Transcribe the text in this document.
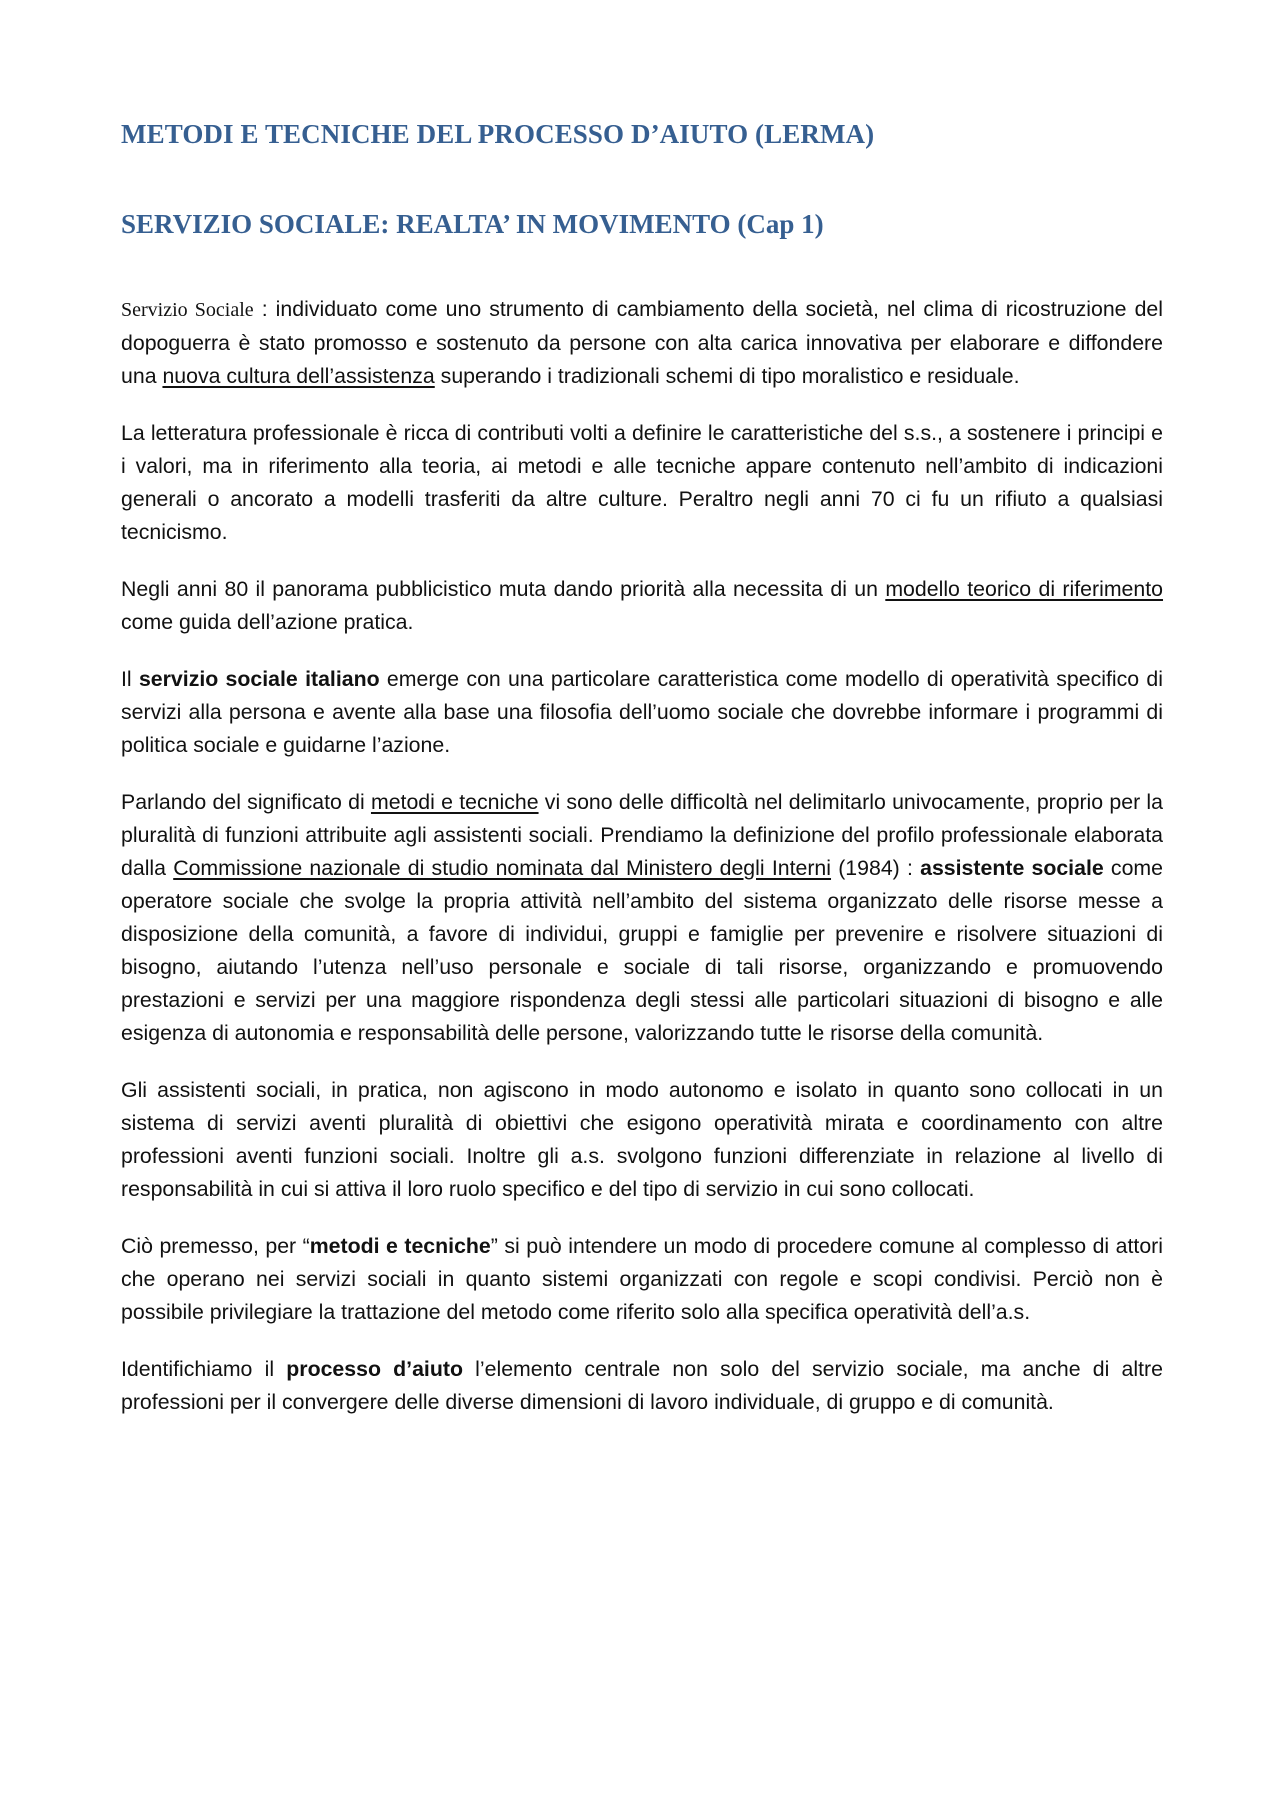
METODI E TECNICHE DEL PROCESSO D’AIUTO (LERMA)
SERVIZIO SOCIALE: REALTA’ IN MOVIMENTO (Cap 1)

Servizio Sociale : individuato come uno strumento di cambiamento della società, nel clima di ricostruzione del dopoguerra è stato promosso e sostenuto da persone con alta carica innovativa per elaborare e diffondere una nuova cultura dell’assistenza superando i tradizionali schemi di tipo moralistico e residuale.

La letteratura professionale è ricca di contributi volti a definire le caratteristiche del s.s., a sostenere i principi e i valori, ma in riferimento alla teoria, ai metodi e alle tecniche appare contenuto nell’ambito di indicazioni generali o ancorato a modelli trasferiti da altre culture. Peraltro negli anni 70 ci fu un rifiuto a qualsiasi tecnicismo.

Negli anni 80 il panorama pubblicistico muta dando priorità alla necessita di un modello teorico di riferimento come guida dell’azione pratica.

Il servizio sociale italiano emerge con una particolare caratteristica come modello di operatività specifico di servizi alla persona e avente alla base una filosofia dell’uomo sociale che dovrebbe informare i programmi di politica sociale e guidarne l’azione.

Parlando del significato di metodi e tecniche vi sono delle difficoltà nel delimitarlo univocamente, proprio per la pluralità di funzioni attribuite agli assistenti sociali. Prendiamo la definizione del profilo professionale elaborata dalla Commissione nazionale di studio nominata dal Ministero degli Interni (1984) : assistente sociale come operatore sociale che svolge la propria attività nell’ambito del sistema organizzato delle risorse messe a disposizione della comunità, a favore di individui, gruppi e famiglie per prevenire e risolvere situazioni di bisogno, aiutando l’utenza nell’uso personale e sociale di tali risorse, organizzando e promuovendo prestazioni e servizi per una maggiore rispondenza degli stessi alle particolari situazioni di bisogno e alle esigenza di autonomia e responsabilità delle persone, valorizzando tutte le risorse della comunità.

Gli assistenti sociali, in pratica, non agiscono in modo autonomo e isolato in quanto sono collocati in un sistema di servizi aventi pluralità di obiettivi che esigono operatività mirata e coordinamento con altre professioni aventi funzioni sociali. Inoltre gli a.s. svolgono funzioni differenziate in relazione al livello di responsabilità in cui si attiva il loro ruolo specifico e del tipo di servizio in cui sono collocati.

Ciò premesso, per “metodi e tecniche” si può intendere un modo di procedere comune al complesso di attori che operano nei servizi sociali in quanto sistemi organizzati con regole e scopi condivisi. Perciò non è possibile privilegiare la trattazione del metodo come riferito solo alla specifica operatività dell’a.s.

Identifichiamo il processo d’aiuto l’elemento centrale non solo del servizio sociale, ma anche di altre professioni per il convergere delle diverse dimensioni di lavoro individuale, di gruppo e di comunità.
